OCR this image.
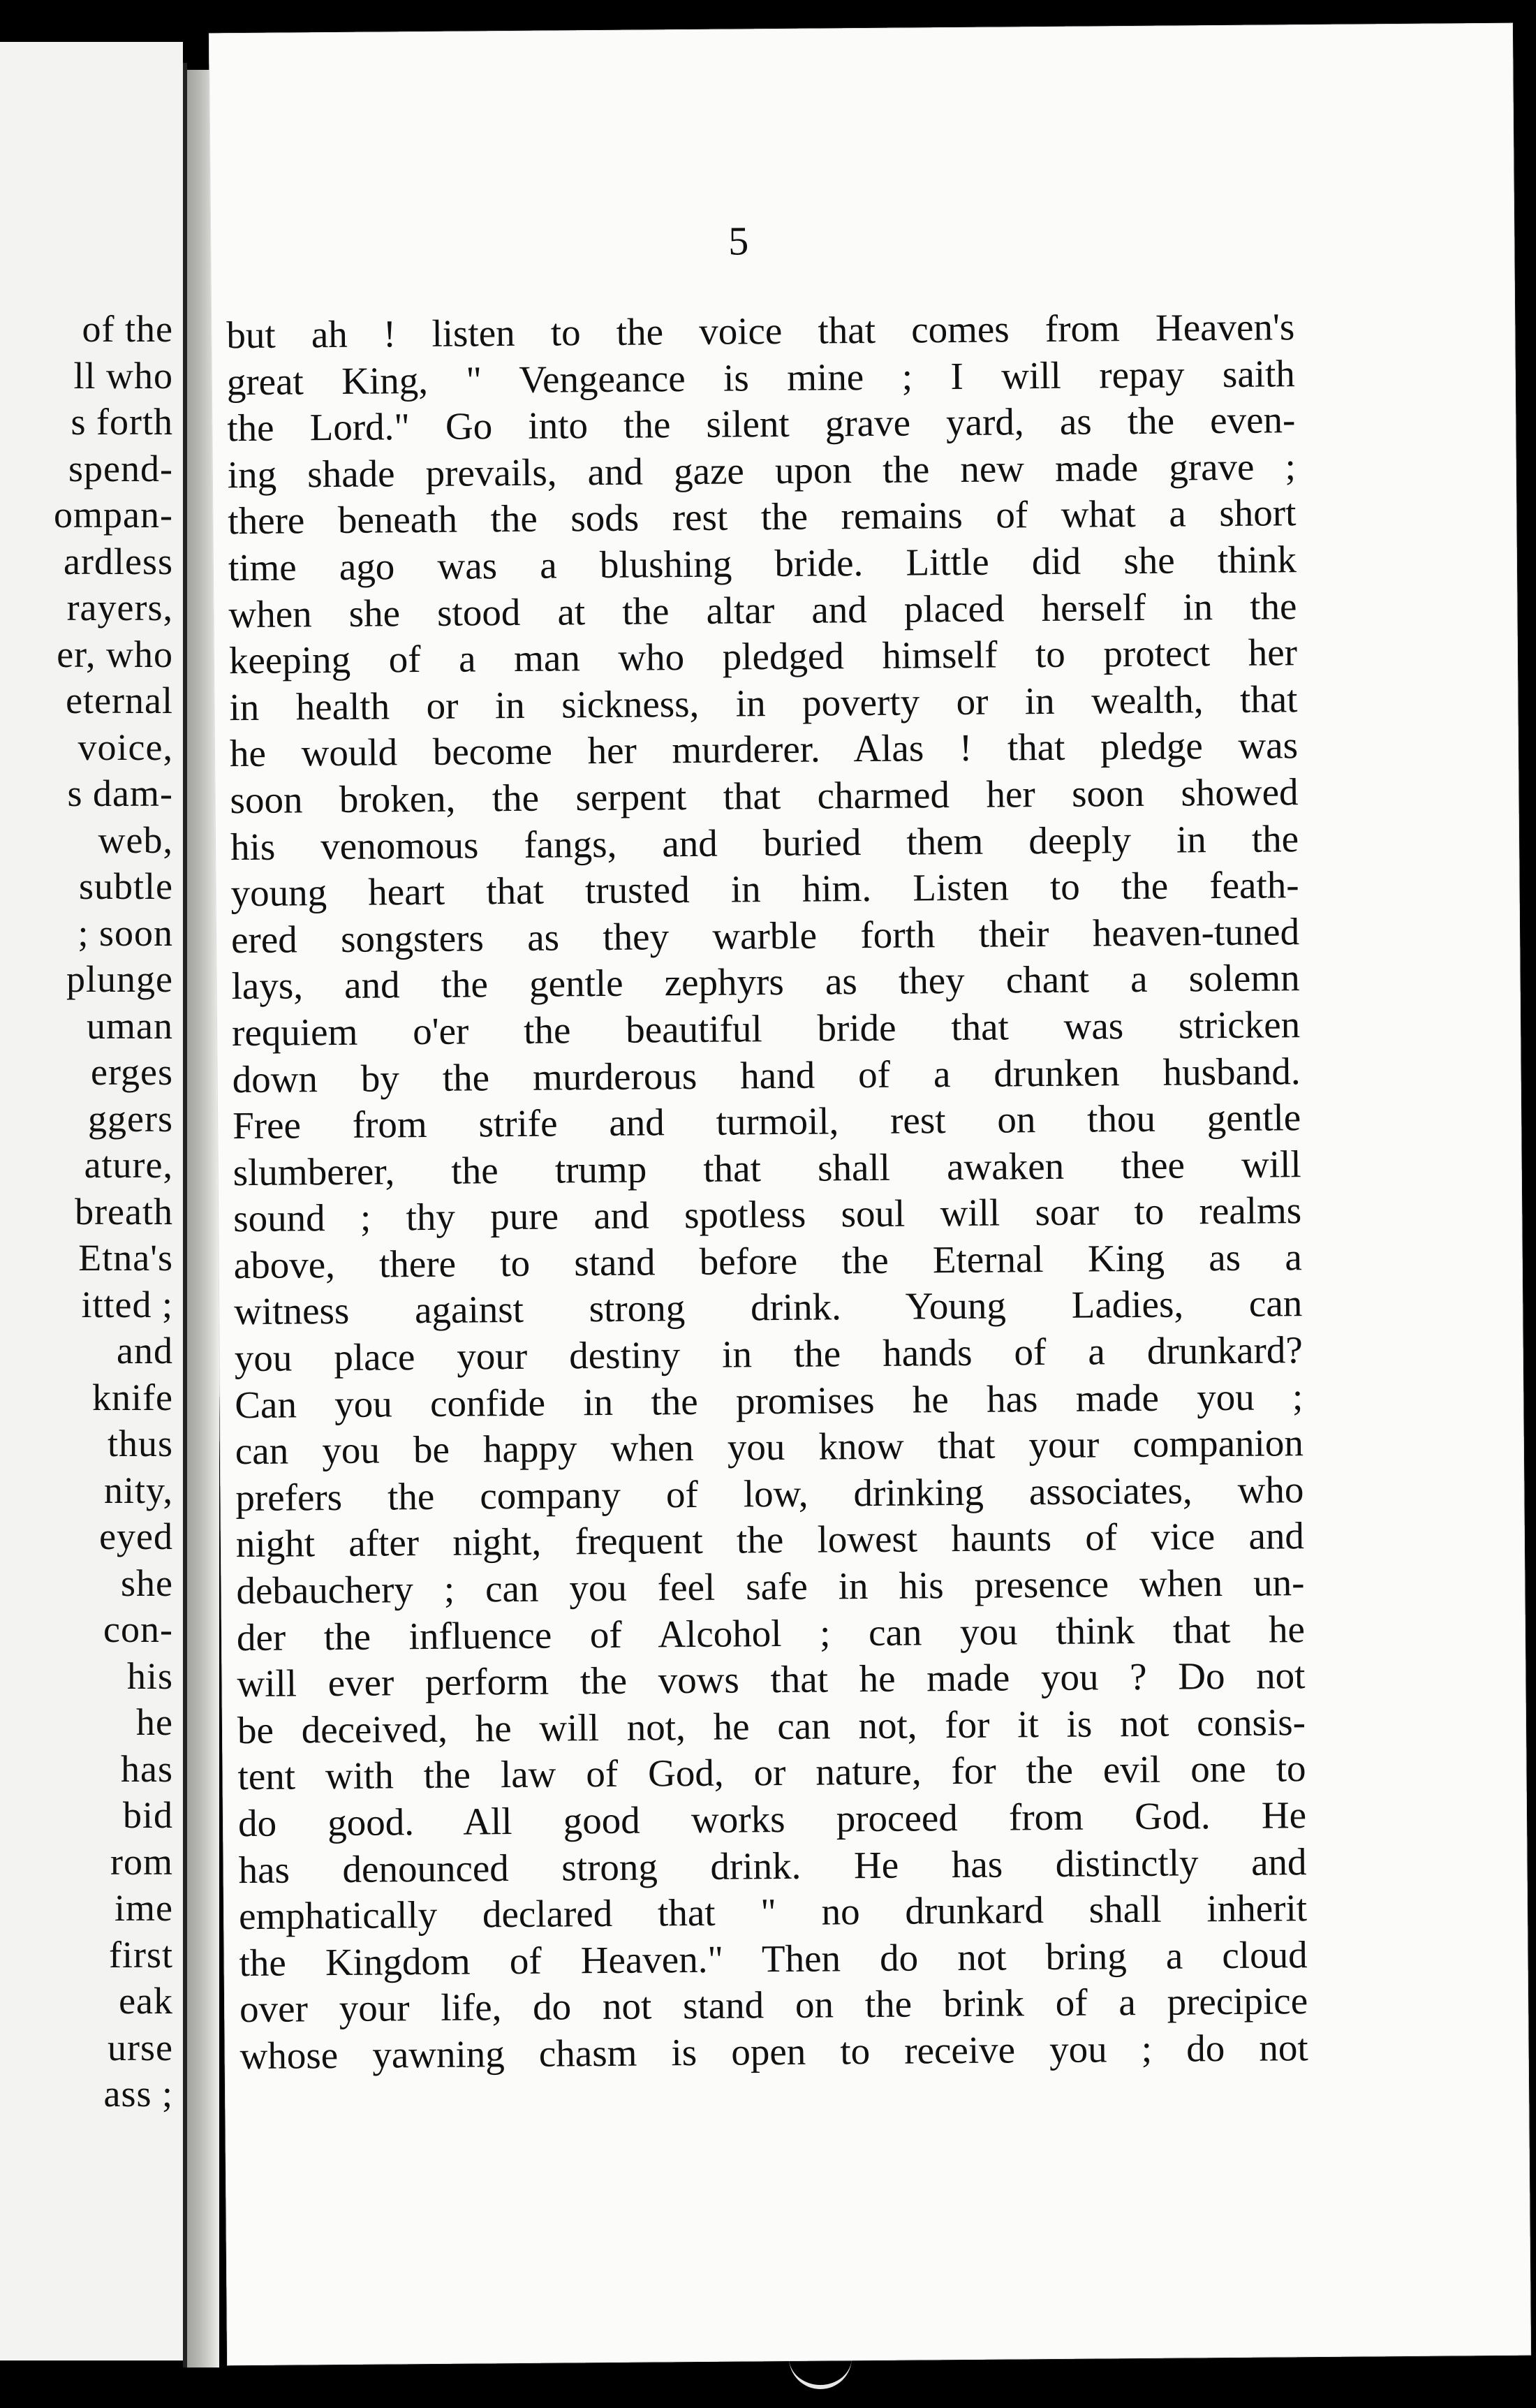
of the
ll who
s forth
spend-
ompan-
ardless
rayers,
er, who
eternal
voice,
s dam-
web,
subtle
; soon
plunge
uman
erges
ggers
ature,
breath
Etna's
itted ;
and
knife
thus
nity,
eyed
she
con-
his
he
has
bid
rom
ime
first
eak
urse
ass ;
5
but ah ! listen to the voice that comes from Heaven's
great King, " Vengeance is mine ; I will repay saith
the Lord." Go into the silent grave yard, as the even-
ing shade prevails, and gaze upon the new made grave ;
there beneath the sods rest the remains of what a short
time ago was a blushing bride. Little did she think
when she stood at the altar and placed herself in the
keeping of a man who pledged himself to protect her
in health or in sickness, in poverty or in wealth, that
he would become her murderer. Alas ! that pledge was
soon broken, the serpent that charmed her soon showed
his venomous fangs, and buried them deeply in the
young heart that trusted in him. Listen to the feath-
ered songsters as they warble forth their heaven-tuned
lays, and the gentle zephyrs as they chant a solemn
requiem o'er the beautiful bride that was stricken
down by the murderous hand of a drunken husband.
Free from strife and turmoil, rest on thou gentle
slumberer, the trump that shall awaken thee will
sound ; thy pure and spotless soul will soar to realms
above, there to stand before the Eternal King as a
witness against strong drink. Young Ladies, can
you place your destiny in the hands of a drunkard?
Can you confide in the promises he has made you ;
can you be happy when you know that your companion
prefers the company of low, drinking associates, who
night after night, frequent the lowest haunts of vice and
debauchery ; can you feel safe in his presence when un-
der the influence of Alcohol ; can you think that he
will ever perform the vows that he made you ? Do not
be deceived, he will not, he can not, for it is not consis-
tent with the law of God, or nature, for the evil one to
do good. All good works proceed from God. He
has denounced strong drink. He has distinctly and
emphatically declared that " no drunkard shall inherit
the Kingdom of Heaven." Then do not bring a cloud
over your life, do not stand on the brink of a precipice
whose yawning chasm is open to receive you ; do not
